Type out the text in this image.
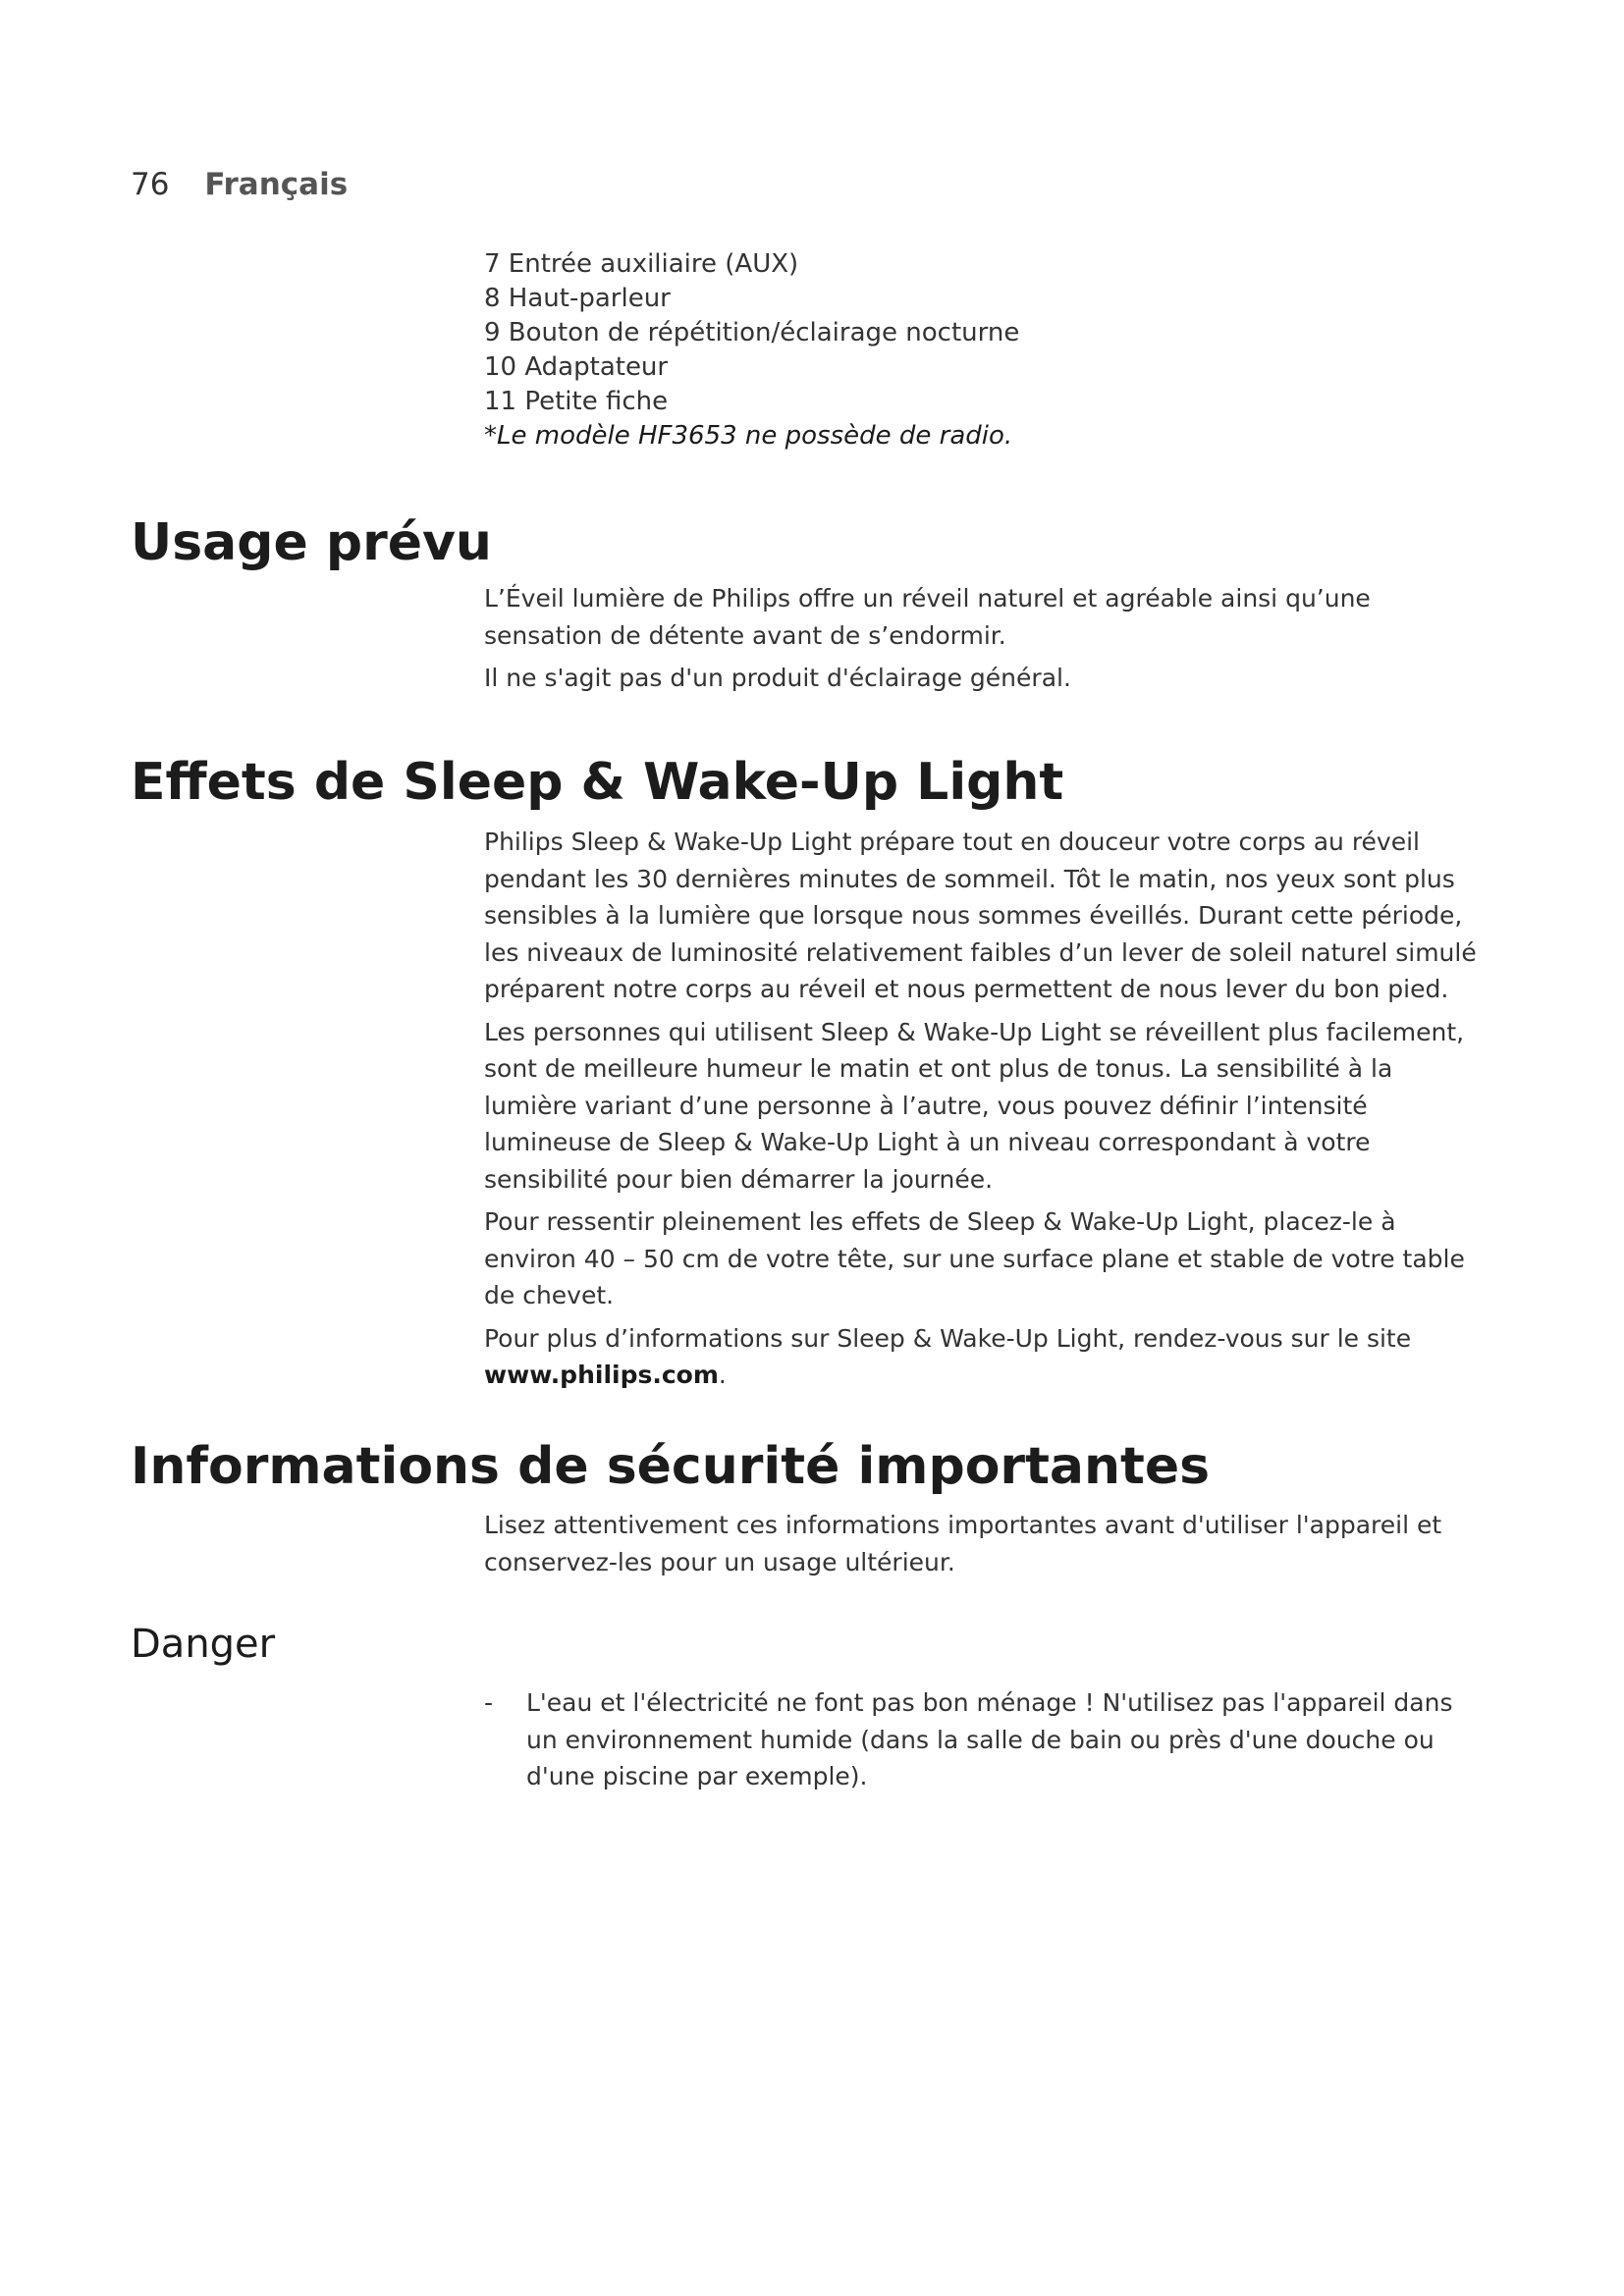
76 Français
7 Entrée auxiliaire (AUX)
8 Haut-parleur
9 Bouton de répétition/éclairage nocturne
10 Adaptateur
11 Petite fiche
*Le modèle HF3653 ne possède de radio.
Usage prévu

L’Éveil lumière de Philips offre un réveil naturel et agréable ainsi qu’une sensation de détente avant de s’endormir.

Il ne s'agit pas d'un produit d'éclairage général.

Effets de Sleep & Wake-Up Light

Philips Sleep & Wake-Up Light prépare tout en douceur votre corps au réveil pendant les 30 dernières minutes de sommeil. Tôt le matin, nos yeux sont plus sensibles à la lumière que lorsque nous sommes éveillés. Durant cette période, les niveaux de luminosité relativement faibles d’un lever de soleil naturel simulé préparent notre corps au réveil et nous permettent de nous lever du bon pied.

Les personnes qui utilisent Sleep & Wake-Up Light se réveillent plus facilement, sont de meilleure humeur le matin et ont plus de tonus. La sensibilité à la lumière variant d’une personne à l’autre, vous pouvez définir l’intensité lumineuse de Sleep & Wake-Up Light à un niveau correspondant à votre sensibilité pour bien démarrer la journée.

Pour ressentir pleinement les effets de Sleep & Wake-Up Light, placez-le à environ 40 – 50 cm de votre tête, sur une surface plane et stable de votre table de chevet.

Pour plus d’informations sur Sleep & Wake-Up Light, rendez-vous sur le site www.philips.com.

Informations de sécurité importantes

Lisez attentivement ces informations importantes avant d'utiliser l'appareil et conservez-les pour un usage ultérieur.

Danger
- L'eau et l'électricité ne font pas bon ménage ! N'utilisez pas l'appareil dans un environnement humide (dans la salle de bain ou près d'une douche ou d'une piscine par exemple).
